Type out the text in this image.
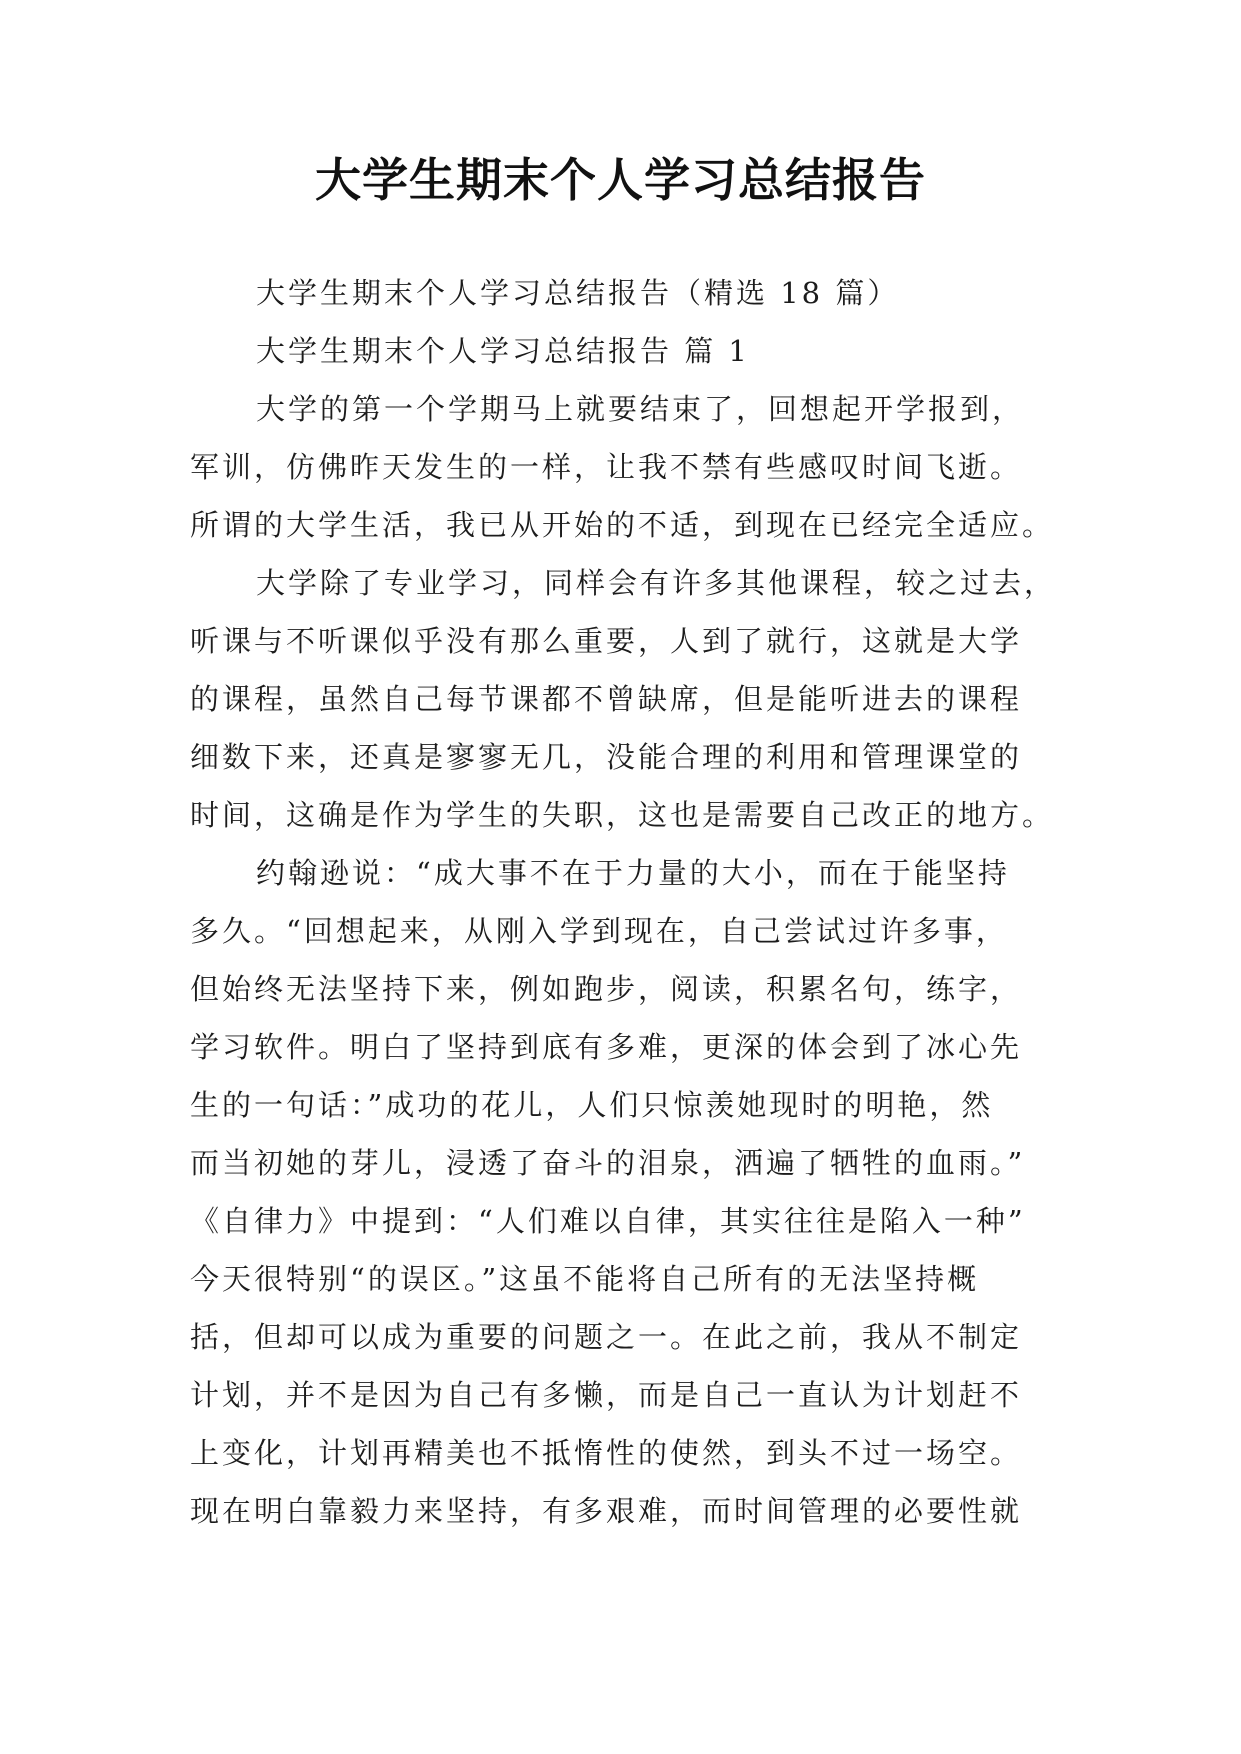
大学生期末个人学习总结报告

大学生期末个人学习总结报告（精选 18 篇）

大学生期末个人学习总结报告 篇 1

大学的第一个学期马上就要结束了，回想起开学报到，

军训，仿佛昨天发生的一样，让我不禁有些感叹时间飞逝。

所谓的大学生活，我已从开始的不适，到现在已经完全适应。

大学除了专业学习，同样会有许多其他课程，较之过去，

听课与不听课似乎没有那么重要，人到了就行，这就是大学

的课程，虽然自己每节课都不曾缺席，但是能听进去的课程

细数下来，还真是寥寥无几，没能合理的利用和管理课堂的

时间，这确是作为学生的失职，这也是需要自己改正的地方。

约翰逊说：“成大事不在于力量的大小，而在于能坚持

多久。“回想起来，从刚入学到现在，自己尝试过许多事，

但始终无法坚持下来，例如跑步，阅读，积累名句，练字，

学习软件。明白了坚持到底有多难，更深的体会到了冰心先

生的一句话：”成功的花儿，人们只惊羡她现时的明艳，然

而当初她的芽儿，浸透了奋斗的泪泉，洒遍了牺牲的血雨。”

《自律力》中提到：“人们难以自律，其实往往是陷入一种”

今天很特别“的误区。”这虽不能将自己所有的无法坚持概

括，但却可以成为重要的问题之一。在此之前，我从不制定

计划，并不是因为自己有多懒，而是自己一直认为计划赶不

上变化，计划再精美也不抵惰性的使然，到头不过一场空。

现在明白靠毅力来坚持，有多艰难，而时间管理的必要性就
